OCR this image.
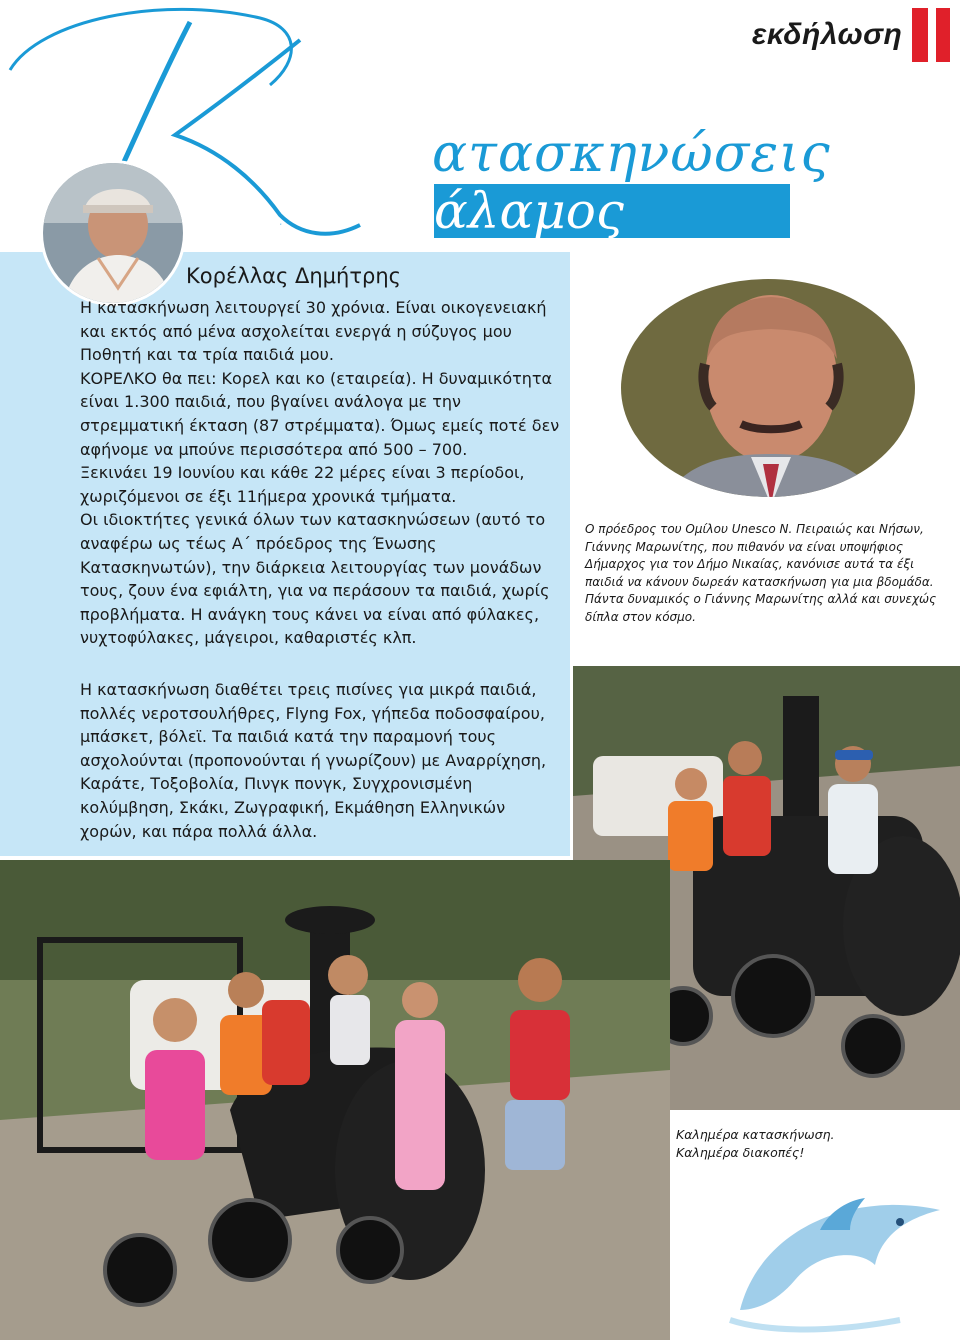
εκδήλωση
Κ
ατασκηνώσεις
άλαμος
Κορέλλας Δημήτρης

Η κατασκήνωση λειτουργεί 30 χρόνια. Είναι οικογενειακή και εκτός από μένα ασχολείται ενεργά η σύζυγος μου Ποθητή και τα τρία παιδιά μου.

ΚΟΡΕΛΚΟ θα πει: Κορελ και κο (εταιρεία). Η δυναμικότητα είναι 1.300 παιδιά, που βγαίνει ανάλογα με την στρεμματική έκταση (87 στρέμματα). Όμως εμείς ποτέ δεν αφήνομε να μπούνε περισσότερα από 500 – 700.

Ξεκινάει 19 Ιουνίου και κάθε 22 μέρες είναι 3 περίοδοι, χωριζόμενοι σε έξι 11ήμερα χρονικά τμήματα.

Οι ιδιοκτήτες γενικά όλων των κατασκηνώσεων (αυτό το αναφέρω ως τέως Α΄ πρόεδρος της Ένωσης Κατασκηνωτών), την διάρκεια λειτουργίας των μονάδων τους, ζουν ένα εφιάλτη, για να περάσουν τα παιδιά, χωρίς προβλήματα. Η ανάγκη τους κάνει να είναι από φύλακες, νυχτοφύλακες, μάγειροι, καθαριστές κλπ.

Η κατασκήνωση διαθέτει τρεις πισίνες για μικρά παιδιά, πολλές νεροτσουλήθρες, Flyng Fox, γήπεδα ποδοσφαίρου, μπάσκετ, βόλεϊ. Τα παιδιά κατά την παραμονή τους ασχολούνται (προπονούνται ή γνωρίζουν) με Αναρρίχηση, Καράτε, Τοξοβολία, Πινγκ πονγκ, Συγχρονισμένη κολύμβηση, Σκάκι, Ζωγραφική, Εκμάθηση Ελληνικών χορών, και πάρα πολλά άλλα.

Ο πρόεδρος του Ομίλου Unesco Ν. Πειραιώς και Νήσων, Γιάννης Μαρωνίτης, που πιθανόν να είναι υποψήφιος Δήμαρχος για τον Δήμο Νικαίας, κανόνισε αυτά τα έξι παιδιά να κάνουν δωρεάν κατασκήνωση για μια βδομάδα. Πάντα δυναμικός ο Γιάννης Μαρωνίτης αλλά και συνεχώς δίπλα στον κόσμο.
Καλημέρα κατασκήνωση.
Καλημέρα διακοπές!
